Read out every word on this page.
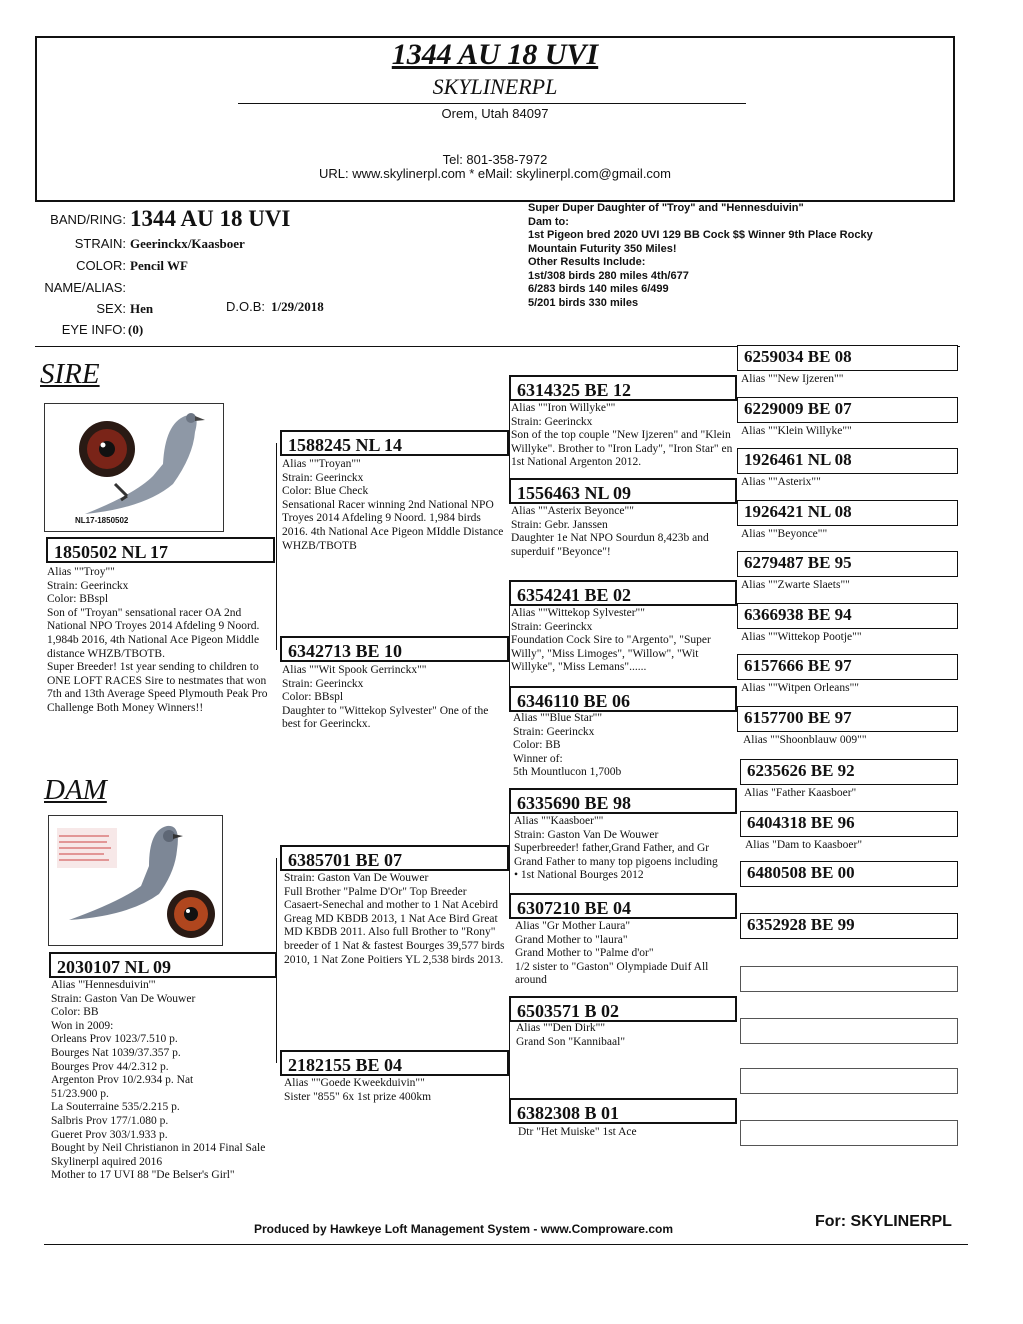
1344 AU 18 UVI
SKYLINERPL
Orem, Utah 84097
Tel: 801-358-7972
URL: www.skylinerpl.com * eMail: skylinerpl.com@gmail.com
BAND/RING: 1344 AU 18 UVI
STRAIN: Geerinckx/Kaasboer
COLOR: Pencil WF
NAME/ALIAS:
SEX: Hen	D.O.B: 1/29/2018
EYE INFO: (0)
Super Duper Daughter of "Troy" and "Hennesduivin"
Dam to:
1st Pigeon bred 2020 UVI 129 BB Cock $$ Winner 9th Place Rocky Mountain Futurity 350 Miles!
Other Results Include:
1st/308 birds 280 miles 4th/677
6/283 birds 140 miles 6/499
5/201 birds 330 miles
SIRE
DAM
NL17-1850502
1850502 NL 17
Alias ""Troy""
Strain: Geerinckx
Color: BBspl
Son of "Troyan" sensational racer OA 2nd National NPO Troyes 2014 Afdeling 9 Noord. 1,984b 2016, 4th National Ace Pigeon Middle distance WHZB/TBOTB.
Super Breeder! 1st year sending to children to ONE LOFT RACES Sire to nestmates that won 7th and 13th Average Speed Plymouth Peak Pro Challenge Both Money Winners!!
2030107 NL 09
Alias "'Hennesduivin'"
Strain: Gaston Van De Wouwer
Color: BB
Won in 2009:
Orleans Prov 1023/7.510 p.
Bourges Nat 1039/37.357 p.
Bourges Prov 44/2.312 p.
Argenton Prov 10/2.934 p. Nat
51/23.900 p.
La Souterraine 535/2.215 p.
Salbris Prov 177/1.080 p.
Gueret Prov 303/1.933 p.
Bought by Neil Christianon in 2014 Final Sale Skylinerpl aquired 2016
Mother to 17 UVI 88 "De Belser's Girl"
1588245 NL 14
Alias ""Troyan""
Strain: Geerinckx
Color: Blue Check
Sensational Racer winning 2nd National NPO Troyes 2014 Afdeling 9 Noord. 1,984 birds 2016. 4th National Ace Pigeon MIddle Distance WHZB/TBOTB
6342713 BE 10
Alias ""Wit Spook Gerrinckx""
Strain: Geerinckx
Color: BBspl
Daughter to "Wittekop Sylvester" One of the best for Geerinckx.
6385701 BE 07
Strain: Gaston Van De Wouwer
Full Brother "Palme D'Or" Top Breeder Casaert-Senechal and mother to 1 Nat Acebird Greag MD KBDB 2013, 1 Nat Ace Bird Great MD KBDB 2011. Also full Brother to "Rony" breeder of 1 Nat & fastest Bourges 39,577 birds 2010, 1 Nat Zone Poitiers YL 2,538 birds 2013.
2182155 BE 04
Alias ""Goede Kweekduivin""
Sister "855" 6x 1st prize 400km
6314325 BE 12
Alias ""Iron Willyke""
Strain: Geerinckx
Son of the top couple "New Ijzeren" and "Klein Willyke". Brother to "Iron Lady", "Iron Star" en 1st National Argenton 2012.
1556463 NL 09
Alias ""Asterix Beyonce""
Strain: Gebr. Janssen
Daughter 1e Nat NPO Sourdun 8,423b and superduif "Beyonce"!
6354241 BE 02
Alias ""Wittekop Sylvester""
Strain: Geerinckx
Foundation Cock Sire to "Argento", "Super Willy", "Miss Limoges", "Willow", "Wit Willyke", "Miss Lemans"......
6346110 BE 06
Alias ""Blue Star""
Strain: Geerinckx
Color: BB
Winner of:
5th Mountlucon 1,700b
6335690 BE 98
Alias ""Kaasboer""
Strain: Gaston Van De Wouwer
Superbreeder! father,Grand Father, and Gr Grand Father to many top pigoens including
• 1st National Bourges 2012
6307210 BE 04
Alias "Gr Mother Laura"
Grand Mother to "laura"
Grand Mother to "Palme d'or"
1/2 sister to "Gaston" Olympiade Duif All around
6503571 B 02
Alias ""Den Dirk""
Grand Son "Kannibaal"
6382308 B 01
Dtr "Het Muiske" 1st Ace
6259034 BE 08
Alias ""New Ijzeren""
6229009 BE 07
Alias ""Klein Willyke""
1926461 NL 08
Alias ""Asterix""
1926421 NL 08
Alias ""Beyonce""
6279487 BE 95
Alias ""Zwarte Slaets""
6366938 BE 94
Alias ""Wittekop Pootje""
6157666 BE 97
Alias ""Witpen Orleans""
6157700 BE 97
Alias ""Shoonblauw 009""
6235626 BE 92
Alias "Father Kaasboer"
6404318 BE 96
Alias "Dam to Kaasboer"
6480508 BE 00
6352928 BE 99
Produced by Hawkeye Loft Management System - www.Comproware.com	For: SKYLINERPL
